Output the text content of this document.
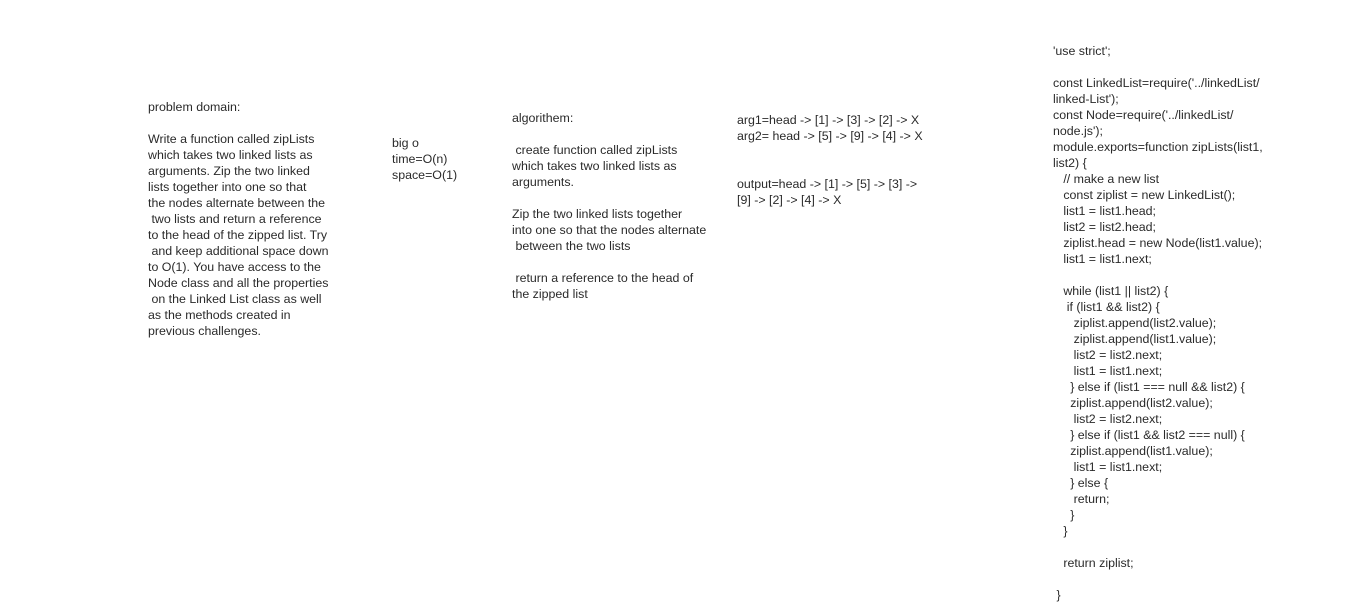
problem domain:
Write a function called zipLists
which takes two linked lists as
arguments. Zip the two linked
lists together into one so that
the nodes alternate between the
two lists and return a reference
to the head of the zipped list. Try
and keep additional space down
to O(1). You have access to the
Node class and all the properties
on the Linked List class as well
as the methods created in
previous challenges.
big o
time=O(n)
space=O(1)
algorithem:
create function called zipLists
which takes two linked lists as
arguments.
Zip the two linked lists together
into one so that the nodes alternate
between the two lists
return a reference to the head of
the zipped list
arg1=head -> [1] -> [3] -> [2] -> X
arg2= head -> [5] -> [9] -> [4] -> X
output=head -> [1] -> [5] -> [3] ->
[9] -> [2] -> [4] -> X
'use strict';
const LinkedList=require('../linkedList/
linked-List');
const Node=require('../linkedList/
node.js');
module.exports=function zipLists(list1,
list2) {
// make a new list
const ziplist = new LinkedList();
list1 = list1.head;
list2 = list2.head;
ziplist.head = new Node(list1.value);
list1 = list1.next;
while (list1 || list2) {
if (list1 && list2) {
ziplist.append(list2.value);
ziplist.append(list1.value);
list2 = list2.next;
list1 = list1.next;
} else if (list1 === null && list2) {
ziplist.append(list2.value);
list2 = list2.next;
} else if (list1 && list2 === null) {
ziplist.append(list1.value);
list1 = list1.next;
} else {
return;
}
}
return ziplist;
}
